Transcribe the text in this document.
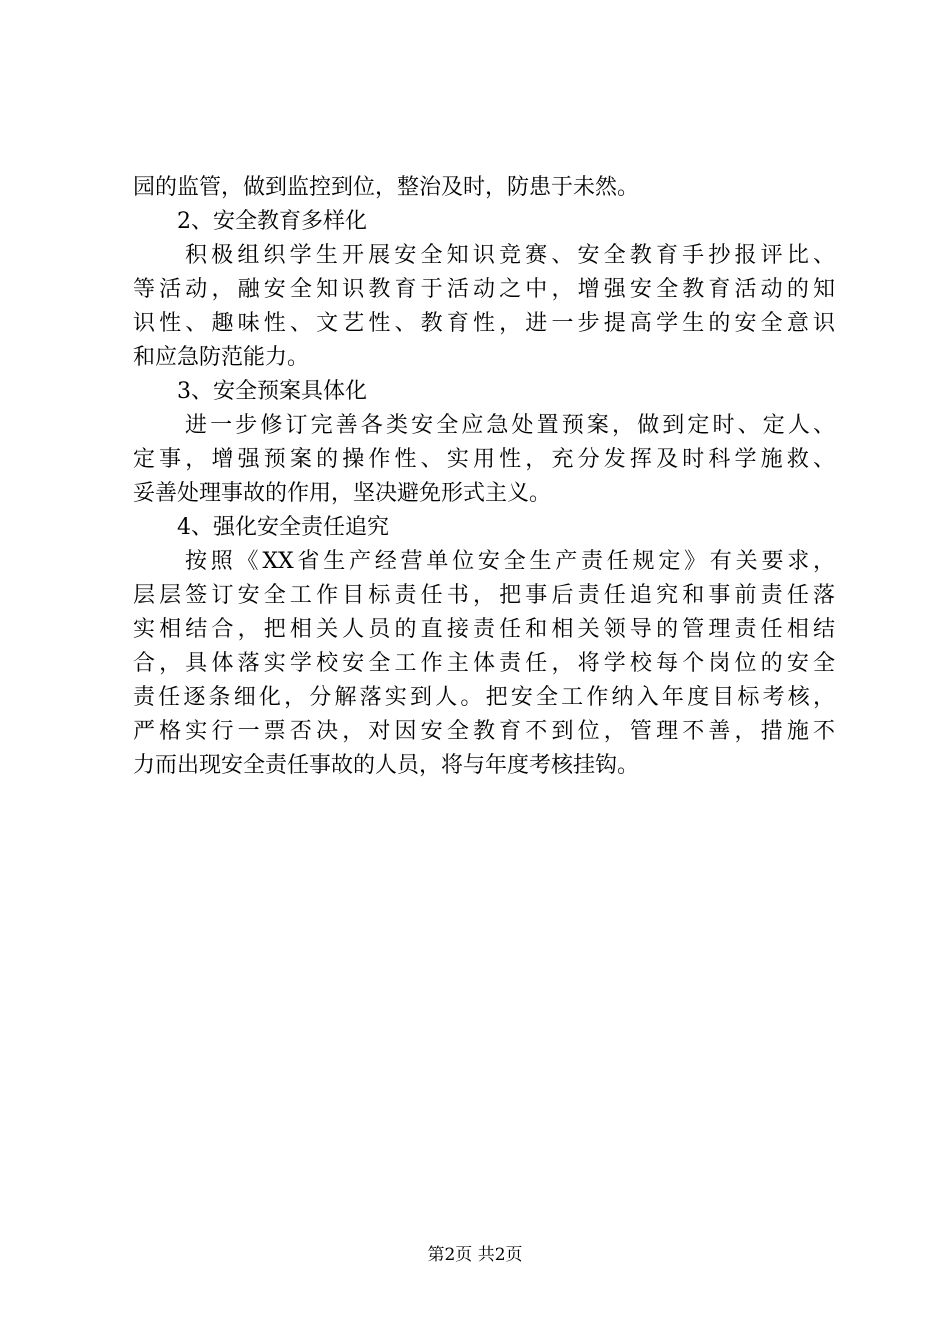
园的监管，做到监控到位，整治及时，防患于未然。
2、安全教育多样化
积极组织学生开展安全知识竞赛、安全教育手抄报评比、
等活动，融安全知识教育于活动之中，增强安全教育活动的知
识性、趣味性、文艺性、教育性，进一步提高学生的安全意识
和应急防范能力。
3、安全预案具体化
进一步修订完善各类安全应急处置预案，做到定时、定人、
定事，增强预案的操作性、实用性，充分发挥及时科学施救、
妥善处理事故的作用，坚决避免形式主义。
4、强化安全责任追究
按照《XX省生产经营单位安全生产责任规定》有关要求，
层层签订安全工作目标责任书，把事后责任追究和事前责任落
实相结合，把相关人员的直接责任和相关领导的管理责任相结
合，具体落实学校安全工作主体责任，将学校每个岗位的安全
责任逐条细化，分解落实到人。把安全工作纳入年度目标考核，
严格实行一票否决，对因安全教育不到位，管理不善，措施不
力而出现安全责任事故的人员，将与年度考核挂钩。
第2页 共2页
